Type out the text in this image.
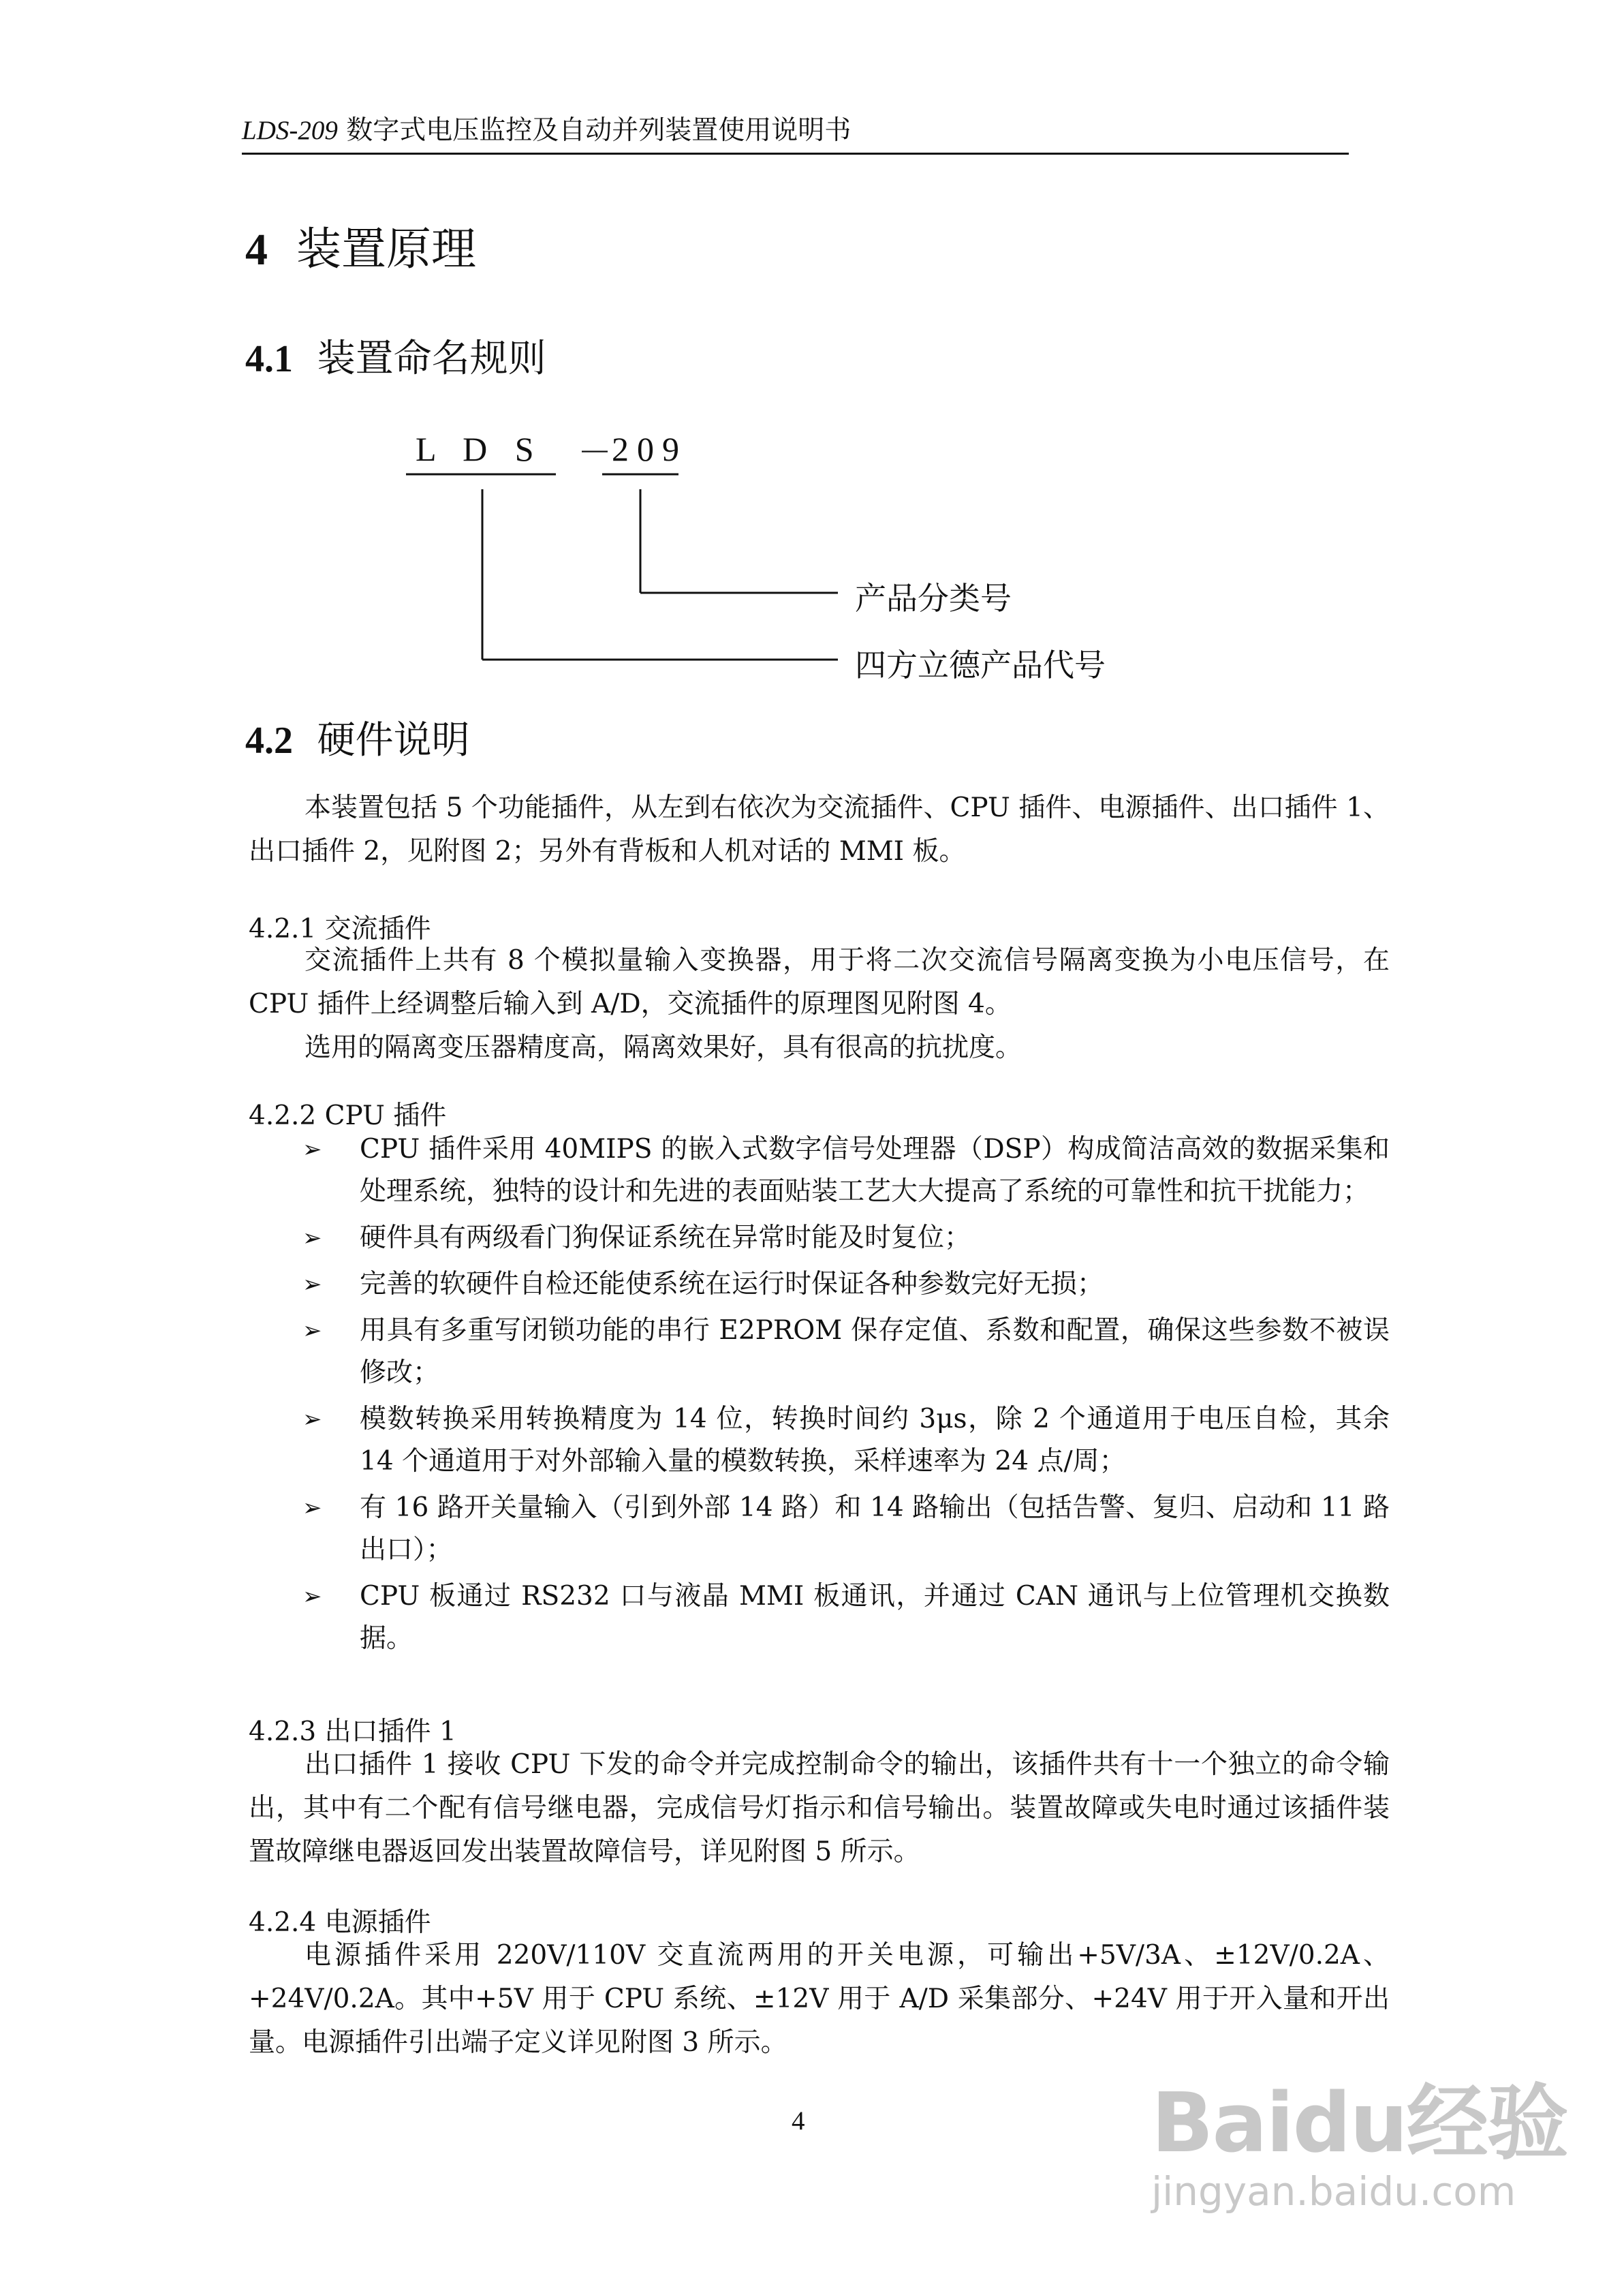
LDS-209 数字式电压监控及自动并列装置使用说明书
4 装置原理
4.1 装置命名规则
L D S － 209
产品分类号
四方立德产品代号
4.2 硬件说明
本装置包括 5 个功能插件，从左到右依次为交流插件、CPU 插件、电源插件、出口插件 1、出口插件 2，见附图 2；另外有背板和人机对话的 MMI 板。
4.2.1 交流插件
交流插件上共有 8 个模拟量输入变换器，用于将二次交流信号隔离变换为小电压信号，在 CPU 插件上经调整后输入到 A/D，交流插件的原理图见附图 4。
选用的隔离变压器精度高，隔离效果好，具有很高的抗扰度。
4.2.2 CPU 插件
➢ CPU 插件采用 40MIPS 的嵌入式数字信号处理器（DSP）构成简洁高效的数据采集和处理系统，独特的设计和先进的表面贴装工艺大大提高了系统的可靠性和抗干扰能力；
➢ 硬件具有两级看门狗保证系统在异常时能及时复位；
➢ 完善的软硬件自检还能使系统在运行时保证各种参数完好无损；
➢ 用具有多重写闭锁功能的串行 E2PROM 保存定值、系数和配置，确保这些参数不被误修改；
➢ 模数转换采用转换精度为 14 位，转换时间约 3μs，除 2 个通道用于电压自检，其余 14 个通道用于对外部输入量的模数转换，采样速率为 24 点/周；
➢ 有 16 路开关量输入（引到外部 14 路）和 14 路输出（包括告警、复归、启动和 11 路出口）；
➢ CPU 板通过 RS232 口与液晶 MMI 板通讯，并通过 CAN 通讯与上位管理机交换数据。
4.2.3 出口插件 1
出口插件 1 接收 CPU 下发的命令并完成控制命令的输出，该插件共有十一个独立的命令输出，其中有二个配有信号继电器，完成信号灯指示和信号输出。装置故障或失电时通过该插件装置故障继电器返回发出装置故障信号，详见附图 5 所示。
4.2.4 电源插件
电源插件采用 220V/110V 交直流两用的开关电源，可输出+5V/3A、±12V/0.2A、+24V/0.2A。其中+5V 用于 CPU 系统、±12V 用于 A/D 采集部分、+24V 用于开入量和开出量。电源插件引出端子定义详见附图 3 所示。
4	Baidu经验
jingyan.baidu.com
